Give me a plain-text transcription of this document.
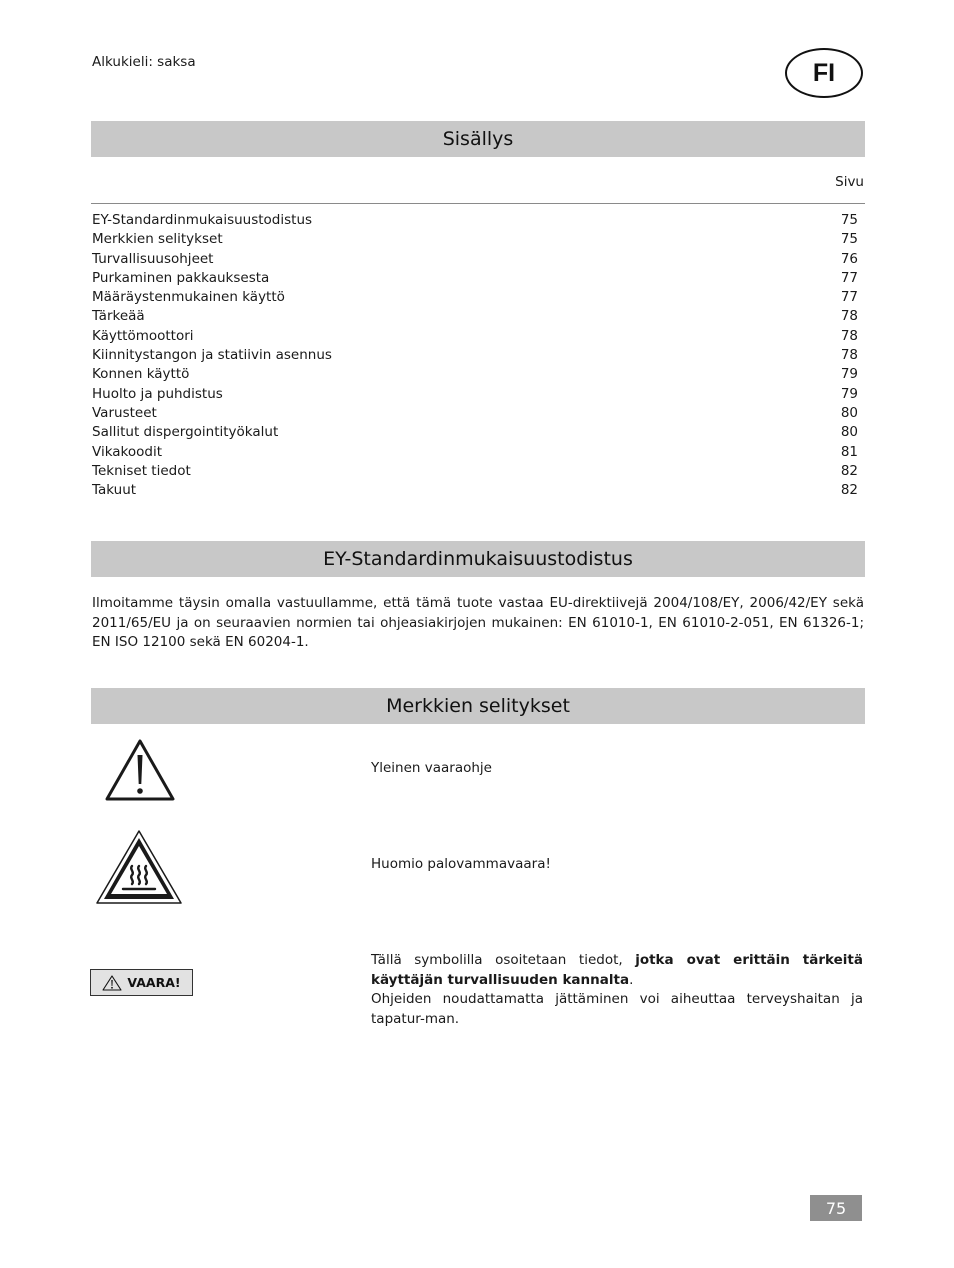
Alkukieli: saksa	FI
Sisällys
Sivu
EY-Standardinmukaisuustodistus	75
Merkkien selitykset	75
Turvallisuusohjeet	76
Purkaminen pakkauksesta	77
Määräystenmukainen käyttö	77
Tärkeää	78
Käyttömoottori	78
Kiinnitystangon ja statiivin asennus	78
Konnen käyttö	79
Huolto ja puhdistus	79
Varusteet	80
Sallitut dispergointityökalut	80
Vikakoodit	81
Tekniset tiedot	82
Takuut	82
EY-Standardinmukaisuustodistus

Ilmoitamme täysin omalla vastuullamme, että tämä tuote vastaa EU-direktiivejä 2004/108/EY, 2006/42/EY sekä 2011/65/EU ja on seuraavien normien tai ohjeasiakirjojen mukainen: EN 61010-1, EN 61010-2-051, EN 61326-1; EN ISO 12100 sekä EN 60204-1.

Merkkien selitykset
Yleinen vaaraohje
Huomio palovammavaara!
VAARA!

Tällä symbolilla osoitetaan tiedot, jotka ovat erittäin tärkeitä käyttäjän turvallisuuden kannalta.

Ohjeiden noudattamatta jättäminen voi aiheuttaa terveyshaitan ja tapatur-man.

75
